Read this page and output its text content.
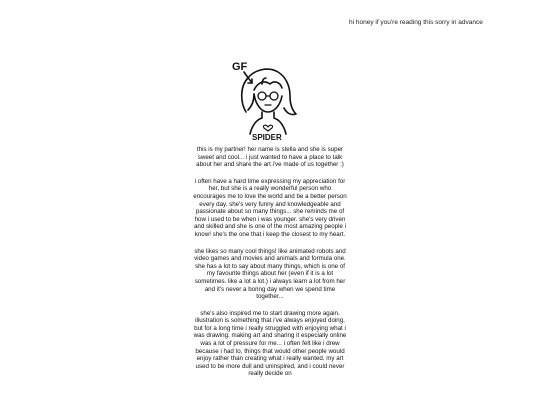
hi honey if you're reading this sorry in advance
GF
SPIDER

this is my partner! her name is stella and she is super sweet and cool... i just wanted to have a place to talk about her and share the art i've made of us together :)

i often have a hard time expressing my appreciation for her, but she is a really wonderful person who encourages me to love the world and be a better person every day. she's very funny and knowledgeable and passionate about so many things... she reminds me of how i used to be when i was younger. she's very driven and skilled and she is one of the most amazing people i know! she's the one that i keep the closest to my heart.

she likes so many cool things! like animated robots and video games and movies and animals and formula one. she has a lot to say about many things, which is one of my favourite things about her (even if it is a lot sometimes. like a lot a lot.) i always learn a lot from her and it's never a boring day when we spend time together...

she's also inspired me to start drawing more again. illustration is something that i've always enjoyed doing, but for a long time i really struggled with enjoying what i was drawing. making art and sharing it especially online was a lot of pressure for me... i often felt like i drew because i had to, things that would other people would enjoy rather than creating what i really wanted. my art used to be more dull and uninspired, and i could never really decide on
